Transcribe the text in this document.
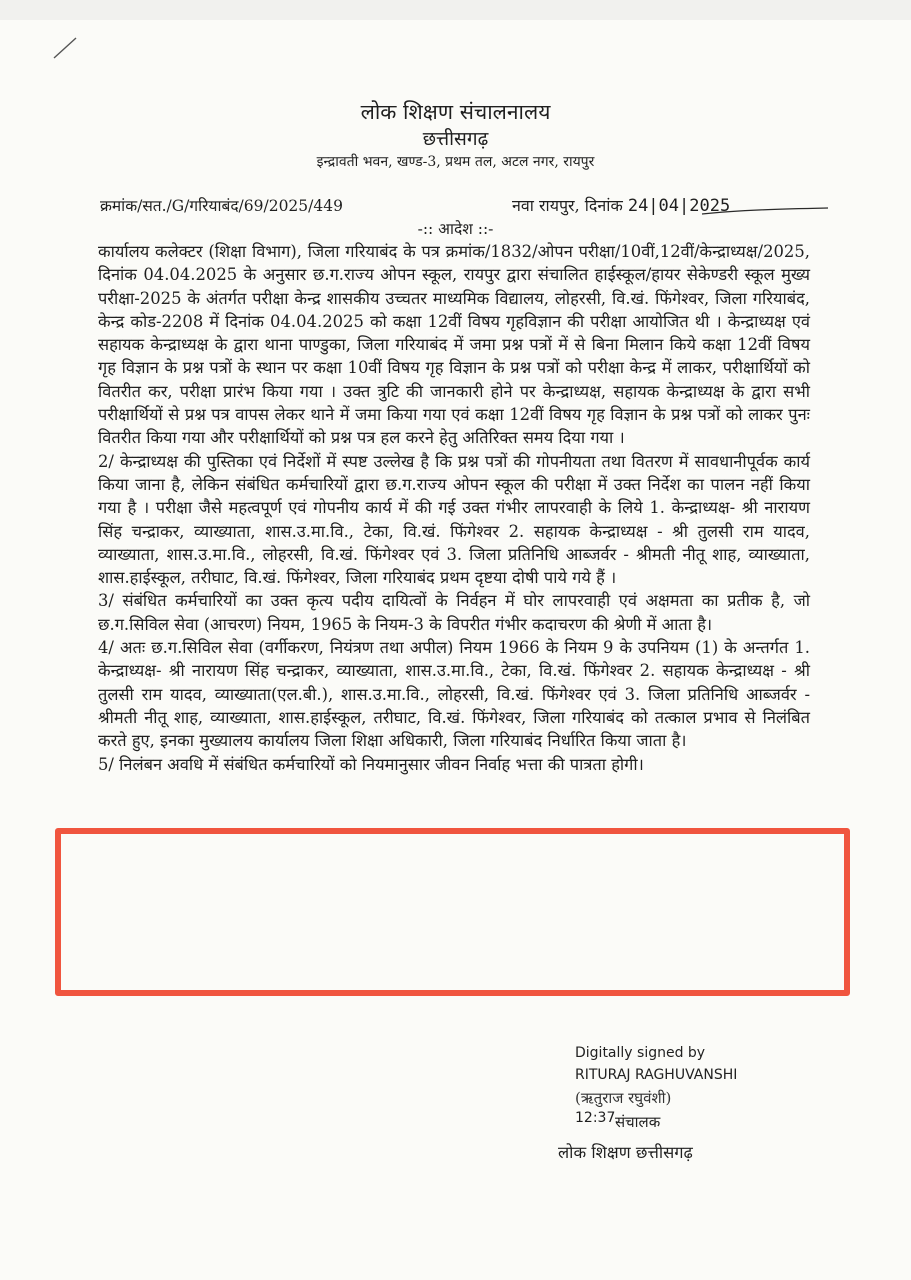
लोक शिक्षण संचालनालय
छत्तीसगढ़
इन्द्रावती भवन, खण्ड-3, प्रथम तल, अटल नगर, रायपुर
क्रमांक/सत./G/गरियाबंद/69/2025/449	नवा रायपुर, दिनांक 24|04|2025
-:: आदेश ::-

कार्यालय कलेक्टर (शिक्षा विभाग), जिला गरियाबंद के पत्र क्रमांक/1832/ओपन परीक्षा/10वीं,12वीं/केन्द्राध्यक्ष/2025, दिनांक 04.04.2025 के अनुसार छ.ग.राज्य ओपन स्कूल, रायपुर द्वारा संचालित हाईस्कूल/हायर सेकेण्डरी स्कूल मुख्य परीक्षा-2025 के अंतर्गत परीक्षा केन्द्र शासकीय उच्चतर माध्यमिक विद्यालय, लोहरसी, वि.खं. फिंगेश्वर, जिला गरियाबंद, केन्द्र कोड-2208 में दिनांक 04.04.2025 को कक्षा 12वीं विषय गृहविज्ञान की परीक्षा आयोजित थी । केन्द्राध्यक्ष एवं सहायक केन्द्राध्यक्ष के द्वारा थाना पाण्डुका, जिला गरियाबंद में जमा प्रश्न पत्रों में से बिना मिलान किये कक्षा 12वीं विषय गृह विज्ञान के प्रश्न पत्रों के स्थान पर कक्षा 10वीं विषय गृह विज्ञान के प्रश्न पत्रों को परीक्षा केन्द्र में लाकर, परीक्षार्थियों को वितरीत कर, परीक्षा प्रारंभ किया गया । उक्त त्रुटि की जानकारी होने पर केन्द्राध्यक्ष, सहायक केन्द्राध्यक्ष के द्वारा सभी परीक्षार्थियों से प्रश्न पत्र वापस लेकर थाने में जमा किया गया एवं कक्षा 12वीं विषय गृह विज्ञान के प्रश्न पत्रों को लाकर पुनः वितरीत किया गया और परीक्षार्थियों को प्रश्न पत्र हल करने हेतु अतिरिक्त समय दिया गया ।

2/ केन्द्राध्यक्ष की पुस्तिका एवं निर्देशों में स्पष्ट उल्लेख है कि प्रश्न पत्रों की गोपनीयता तथा वितरण में सावधानीपूर्वक कार्य किया जाना है, लेकिन संबंधित कर्मचारियों द्वारा छ.ग.राज्य ओपन स्कूल की परीक्षा में उक्त निर्देश का पालन नहीं किया गया है । परीक्षा जैसे महत्वपूर्ण एवं गोपनीय कार्य में की गई उक्त गंभीर लापरवाही के लिये 1. केन्द्राध्यक्ष- श्री नारायण सिंह चन्द्राकर, व्याख्याता, शास.उ.मा.वि., टेका, वि.खं. फिंगेश्वर 2. सहायक केन्द्राध्यक्ष - श्री तुलसी राम यादव, व्याख्याता, शास.उ.मा.वि., लोहरसी, वि.खं. फिंगेश्वर एवं 3. जिला प्रतिनिधि आब्जर्वर - श्रीमती नीतू शाह, व्याख्याता, शास.हाईस्कूल, तरीघाट, वि.खं. फिंगेश्वर, जिला गरियाबंद प्रथम दृष्टया दोषी पाये गये हैं ।

3/ संबंधित कर्मचारियों का उक्त कृत्य पदीय दायित्वों के निर्वहन में घोर लापरवाही एवं अक्षमता का प्रतीक है, जो छ.ग.सिविल सेवा (आचरण) नियम, 1965 के नियम-3 के विपरीत गंभीर कदाचरण की श्रेणी में आता है।

4/ अतः छ.ग.सिविल सेवा (वर्गीकरण, नियंत्रण तथा अपील) नियम 1966 के नियम 9 के उपनियम (1) के अन्तर्गत 1. केन्द्राध्यक्ष- श्री नारायण सिंह चन्द्राकर, व्याख्याता, शास.उ.मा.वि., टेका, वि.खं. फिंगेश्वर 2. सहायक केन्द्राध्यक्ष - श्री तुलसी राम यादव, व्याख्याता(एल.बी.), शास.उ.मा.वि., लोहरसी, वि.खं. फिंगेश्वर एवं 3. जिला प्रतिनिधि आब्जर्वर - श्रीमती नीतू शाह, व्याख्याता, शास.हाईस्कूल, तरीघाट, वि.खं. फिंगेश्वर, जिला गरियाबंद को तत्काल प्रभाव से निलंबित करते हुए, इनका मुख्यालय कार्यालय जिला शिक्षा अधिकारी, जिला गरियाबंद निर्धारित किया जाता है।

5/ निलंबन अवधि में संबंधित कर्मचारियों को नियमानुसार जीवन निर्वाह भत्ता की पात्रता होगी।

Digitally signed by
RITURAJ RAGHUVANSHI
(ऋतुराज रघुवंशी)
12:37 संचालक
लोक शिक्षण छत्तीसगढ़
